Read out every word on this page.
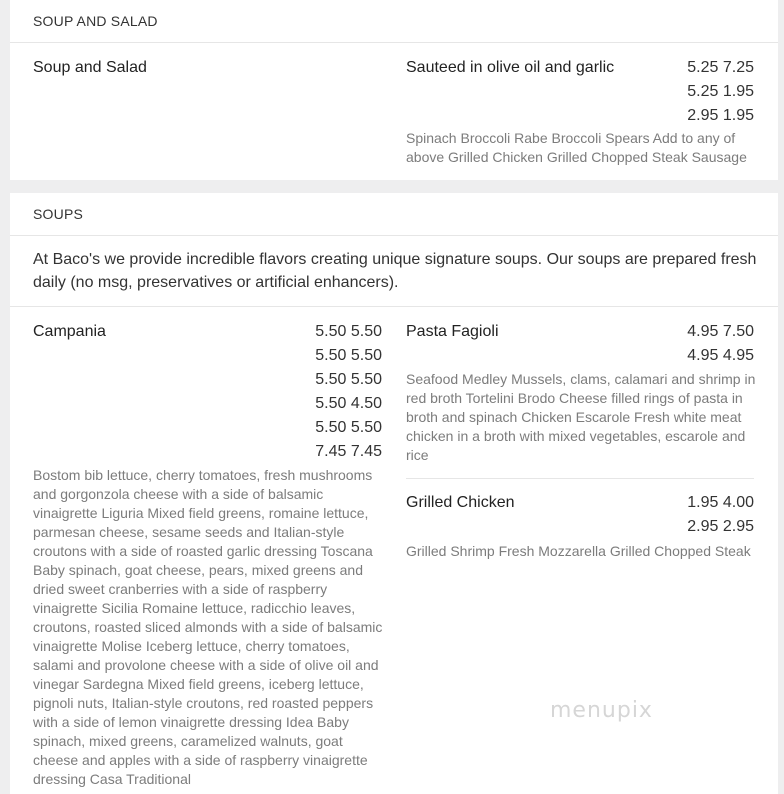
SOUP AND SALAD
Soup and Salad	Sauteed in olive oil and garlic	5.25 7.25
5.25 1.95
2.95 1.95
Spinach Broccoli Rabe Broccoli Spears Add to any of above Grilled Chicken Grilled Chopped Steak Sausage
SOUPS
At Baco's we provide incredible flavors creating unique signature soups. Our soups are prepared fresh daily (no msg, preservatives or artificial enhancers).
Campania	5.50 5.50
5.50 5.50
5.50 5.50
5.50 4.50
5.50 5.50
7.45 7.45
Bostom bib lettuce, cherry tomatoes, fresh mushrooms and gorgonzola cheese with a side of balsamic vinaigrette Liguria Mixed field greens, romaine lettuce, parmesan cheese, sesame seeds and Italian-style croutons with a side of roasted garlic dressing Toscana Baby spinach, goat cheese, pears, mixed greens and dried sweet cranberries with a side of raspberry vinaigrette Sicilia Romaine lettuce, radicchio leaves, croutons, roasted sliced almonds with a side of balsamic vinaigrette Molise Iceberg lettuce, cherry tomatoes, salami and provolone cheese with a side of olive oil and vinegar Sardegna Mixed field greens, iceberg lettuce, pignoli nuts, Italian-style croutons, red roasted peppers with a side of lemon vinaigrette dressing Idea Baby spinach, mixed greens, caramelized walnuts, goat cheese and apples with a side of raspberry vinaigrette dressing Casa Traditional
Pasta Fagioli	4.95 7.50
4.95 4.95
Seafood Medley Mussels, clams, calamari and shrimp in red broth Tortelini Brodo Cheese filled rings of pasta in broth and spinach Chicken Escarole Fresh white meat chicken in a broth with mixed vegetables, escarole and rice
Grilled Chicken	1.95 4.00
2.95 2.95
Grilled Shrimp Fresh Mozzarella Grilled Chopped Steak
menupix
